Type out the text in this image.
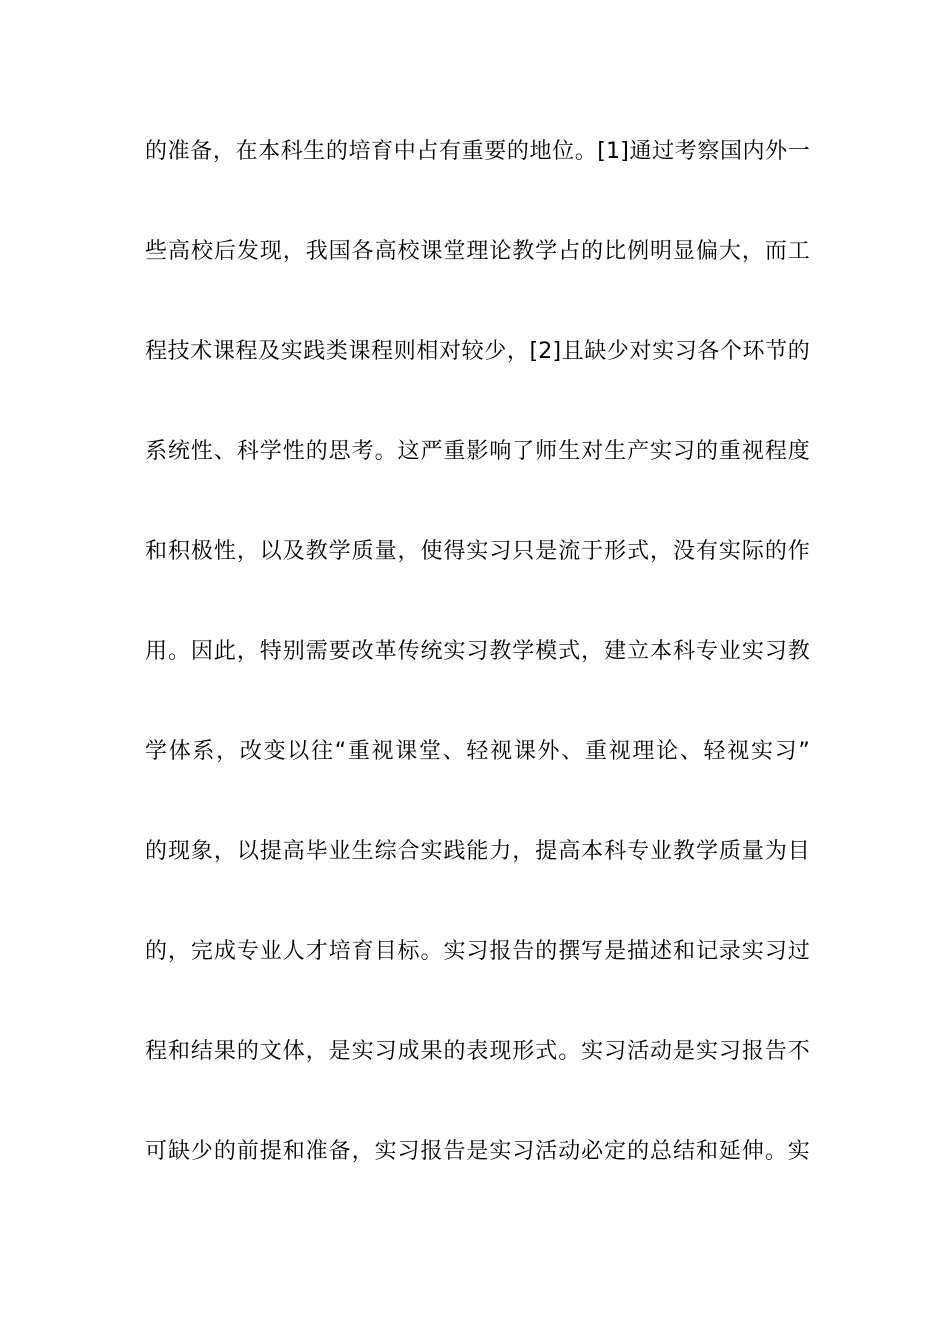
的准备，在本科生的培育中占有重要的地位。[1]通过考察国内外一

些高校后发现，我国各高校课堂理论教学占的比例明显偏大，而工

程技术课程及实践类课程则相对较少，[2]且缺少对实习各个环节的

系统性、科学性的思考。这严重影响了师生对生产实习的重视程度

和积极性，以及教学质量，使得实习只是流于形式，没有实际的作

用。因此，特别需要改革传统实习教学模式，建立本科专业实习教

学体系，改变以往“重视课堂、轻视课外、重视理论、轻视实习”

的现象，以提高毕业生综合实践能力，提高本科专业教学质量为目

的，完成专业人才培育目标。实习报告的撰写是描述和记录实习过

程和结果的文体，是实习成果的表现形式。实习活动是实习报告不

可缺少的前提和准备，实习报告是实习活动必定的总结和延伸。实
